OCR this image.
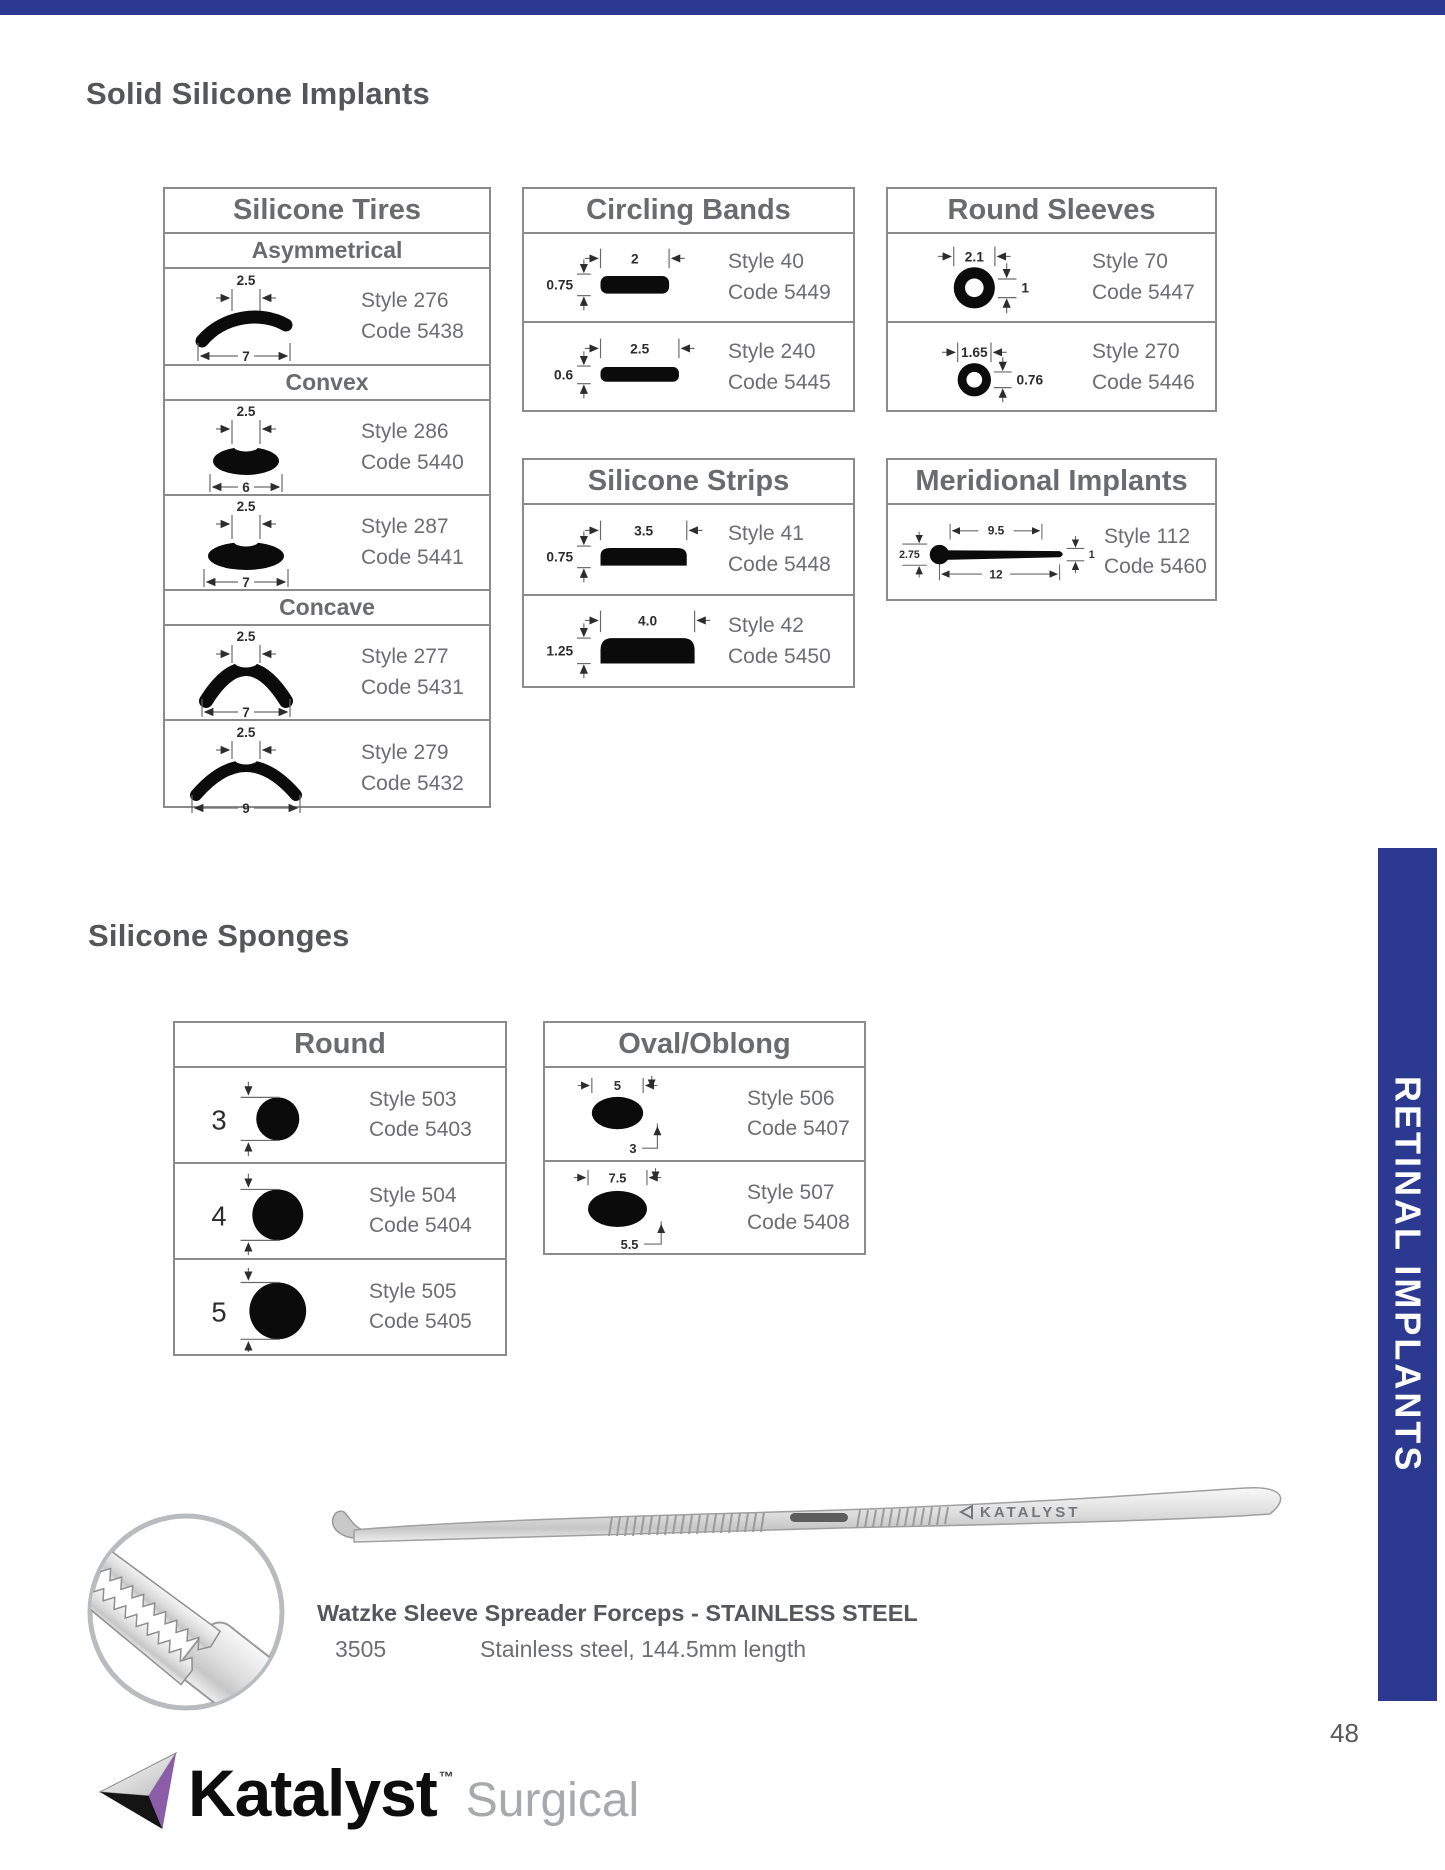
Solid Silicone Implants
Silicone Tires
Asymmetrical
2.5
7
Style 276
Code 5438
Convex
2.5
6
Style 286
Code 5440
2.5
7
Style 287
Code 5441
Concave
2.5
7
Style 277
Code 5431
2.5
9
Style 279
Code 5432
Circling Bands
0.75
2	Style 40
Code 5449
0.6
2.5	Style 240
Code 5445
Silicone Strips
0.75
3.5	Style 41
Code 5448
1.25
4.0	Style 42
Code 5450
Round Sleeves
2.1
1
Style 70
Code 5447
1.65
0.76
Style 270
Code 5446
Meridional Implants
2.75
9.5
1
12
Style 112
Code 5460
Silicone Sponges
Round
3
Style 503
Code 5403
4
Style 504
Code 5404
5
Style 505
Code 5405
Oval/Oblong
5
3
Style 506
Code 5407
7.5
5.5
Style 507
Code 5408	RETINAL IMPLANTS
KATALYST
Watzke Sleeve Spreader Forceps - STAINLESS STEEL
3505	Stainless steel, 144.5mm length
Katalyst ™ Surgical
48
